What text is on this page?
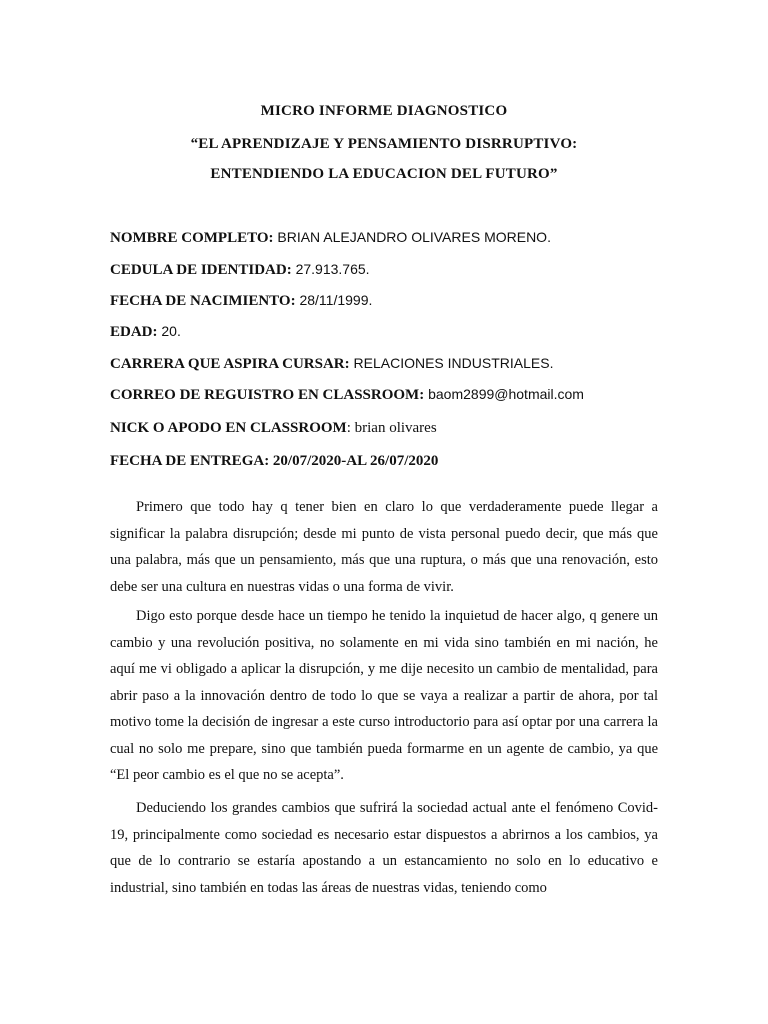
MICRO INFORME DIAGNOSTICO
“EL APRENDIZAJE Y PENSAMIENTO DISRRUPTIVO:
ENTENDIENDO LA EDUCACION DEL FUTURO”
NOMBRE COMPLETO: BRIAN ALEJANDRO OLIVARES MORENO.
CEDULA DE IDENTIDAD: 27.913.765.
FECHA DE NACIMIENTO: 28/11/1999.
EDAD: 20.
CARRERA QUE ASPIRA CURSAR: RELACIONES INDUSTRIALES.
CORREO DE REGUISTRO EN CLASSROOM: baom2899@hotmail.com
NICK O APODO EN CLASSROOM: brian olivares
FECHA DE ENTREGA: 20/07/2020-AL 26/07/2020

Primero que todo hay q tener bien en claro lo que verdaderamente puede llegar a significar la palabra disrupción; desde mi punto de vista personal puedo decir, que más que una palabra, más que un pensamiento, más que una ruptura, o más que una renovación, esto debe ser una cultura en nuestras vidas o una forma de vivir.

Digo esto porque desde hace un tiempo he tenido la inquietud de hacer algo, q genere un cambio y una revolución positiva, no solamente en mi vida sino también en mi nación, he aquí me vi obligado a aplicar la disrupción, y me dije necesito un cambio de mentalidad, para abrir paso a la innovación dentro de todo lo que se vaya a realizar a partir de ahora, por tal motivo tome la decisión de ingresar a este curso introductorio para así optar por una carrera la cual no solo me prepare, sino que también pueda formarme en un agente de cambio, ya que “El peor cambio es el que no se acepta”.

Deduciendo los grandes cambios que sufrirá la sociedad actual ante el fenómeno Covid-19, principalmente como sociedad es necesario estar dispuestos a abrirnos a los cambios, ya que de lo contrario se estaría apostando a un estancamiento no solo en lo educativo e industrial, sino también en todas las áreas de nuestras vidas, teniendo como
